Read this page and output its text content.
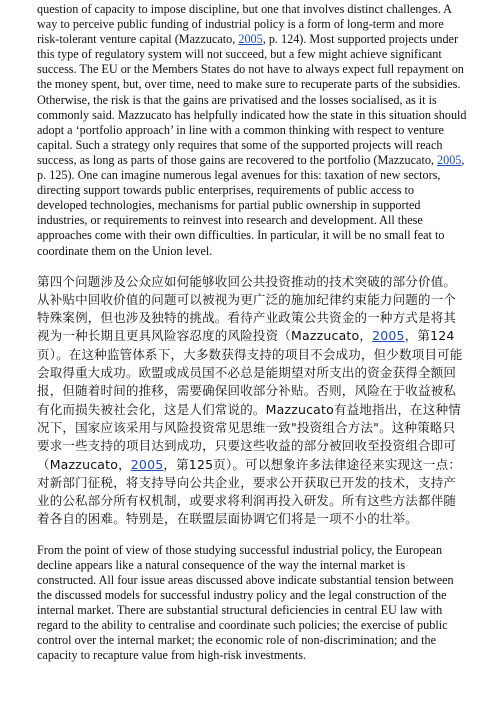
question of capacity to impose discipline, but one that involves distinct challenges. A way to perceive public funding of industrial policy is a form of long-term and more risk-tolerant venture capital (Mazzucato, 2005, p. 124). Most supported projects under this type of regulatory system will not succeed, but a few might achieve significant success. The EU or the Members States do not have to always expect full repayment on the money spent, but, over time, need to make sure to recuperate parts of the subsidies. Otherwise, the risk is that the gains are privatised and the losses socialised, as it is commonly said. Mazzucato has helpfully indicated how the state in this situation should adopt a ‘portfolio approach’ in line with a common thinking with respect to venture capital. Such a strategy only requires that some of the supported projects will reach success, as long as parts of those gains are recovered to the portfolio (Mazzucato, 2005, p. 125). One can imagine numerous legal avenues for this: taxation of new sectors, directing support towards public enterprises, requirements of public access to developed technologies, mechanisms for partial public ownership in supported industries, or requirements to reinvest into research and development. All these approaches come with their own difficulties. In particular, it will be no small feat to coordinate them on the Union level.

第四个问题涉及公众应如何能够收回公共投资推动的技术突破的部分价值。从补贴中回收价值的问题可以被视为更广泛的施加纪律约束能力问题的一个特殊案例，但也涉及独特的挑战。看待产业政策公共资金的一种方式是将其视为一种长期且更具风险容忍度的风险投资（Mazzucato，2005，第124页）。在这种监管体系下，大多数获得支持的项目不会成功，但少数项目可能会取得重大成功。欧盟或成员国不必总是能期望对所支出的资金获得全额回报，但随着时间的推移，需要确保回收部分补贴。否则，风险在于收益被私有化而损失被社会化，这是人们常说的。Mazzucato有益地指出，在这种情况下，国家应该采用与风险投资常见思维一致"投资组合方法"。这种策略只要求一些支持的项目达到成功，只要这些收益的部分被回收至投资组合即可（Mazzucato，2005，第125页）。可以想象许多法律途径来实现这一点：对新部门征税，将支持导向公共企业，要求公开获取已开发的技术，支持产业的公私部分所有权机制，或要求将利润再投入研发。所有这些方法都伴随着各自的困难。特别是，在联盟层面协调它们将是一项不小的壮举。

From the point of view of those studying successful industrial policy, the European decline appears like a natural consequence of the way the internal market is constructed. All four issue areas discussed above indicate substantial tension between the discussed models for successful industry policy and the legal construction of the internal market. There are substantial structural deficiencies in central EU law with regard to the ability to centralise and coordinate such policies; the exercise of public control over the internal market; the economic role of non-discrimination; and the capacity to recapture value from high-risk investments.
